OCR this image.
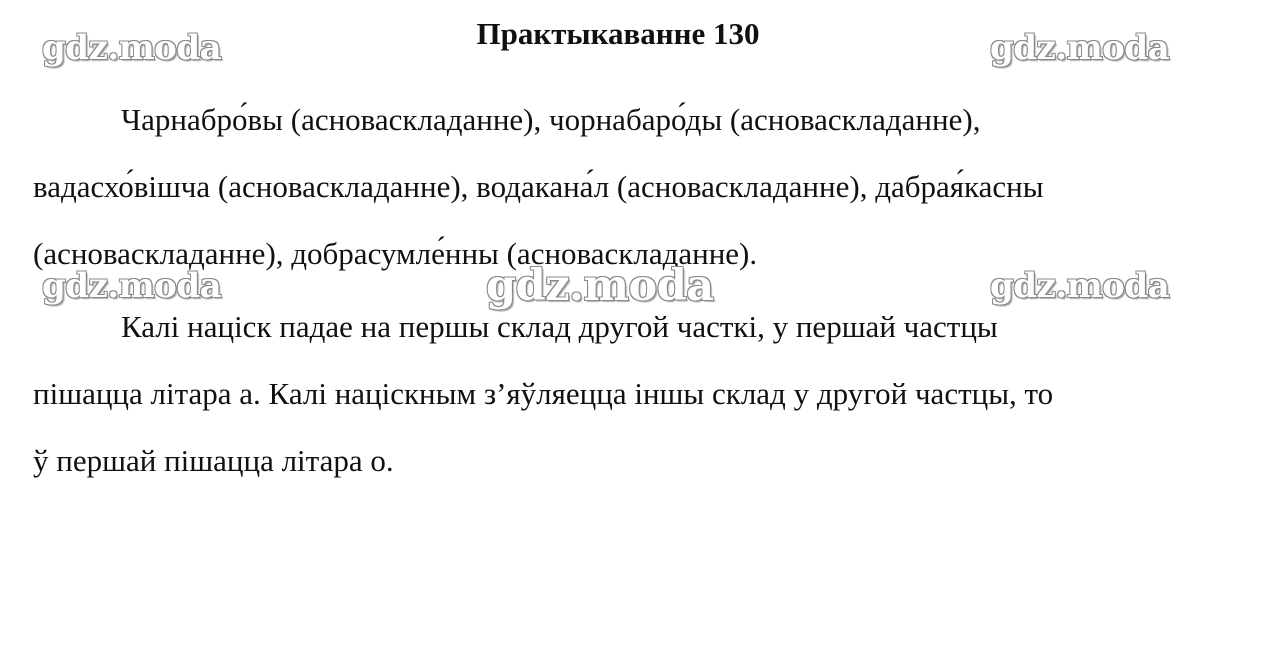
Практыкаванне 130
gdz.moda	gdz.moda
Чарнабро́вы (асноваскладанне), чорнабаро́ды (асноваскладанне),
вадасхо́вішча (асноваскладанне), водакана́л (асноваскладанне), дабрая́касны
(асноваскладанне), добрасумле́нны (асноваскладанне).
gdz.moda	gdz.moda	gdz.moda
Калі націск падае на першы склад другой часткі, у першай частцы
пішацца літара а. Калі націскным з’яўляецца іншы склад у другой частцы, то
ў першай пішацца літара о.
